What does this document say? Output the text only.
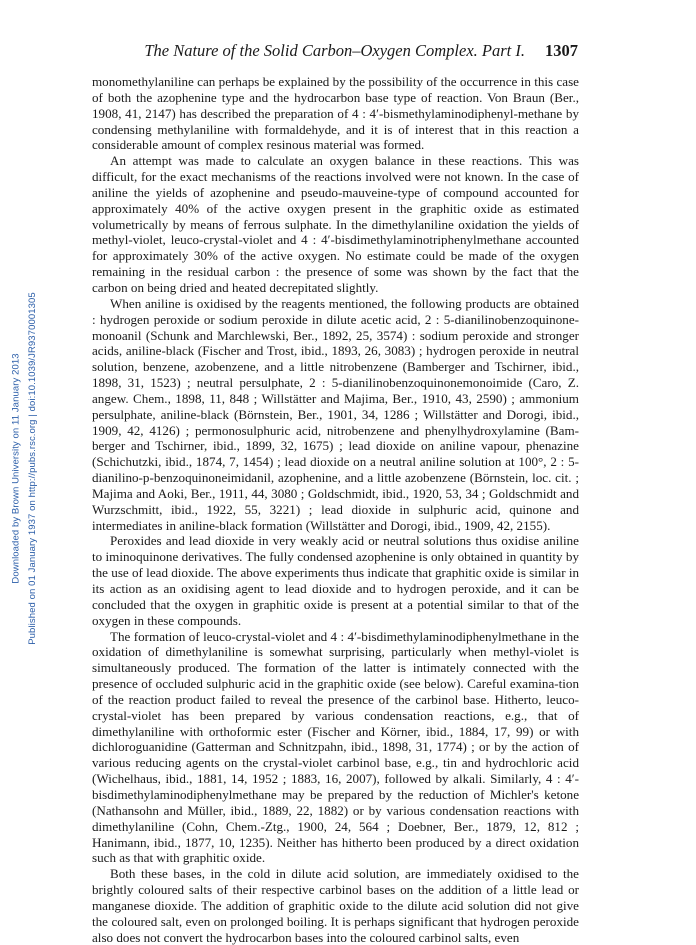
Downloaded by Brown University on 11 January 2013 Published on 01 January 1937 on http://pubs.rsc.org | doi:10.1039/JR9370001305
The Nature of the Solid Carbon–Oxygen Complex. Part I. 1307

monomethylaniline can perhaps be explained by the possibility of the occurrence in this case of both the azophenine type and the hydrocarbon base type of reaction. Von Braun (Ber., 1908, 41, 2147) has described the preparation of 4 : 4′-bismethylaminodiphenyl-methane by condensing methylaniline with formaldehyde, and it is of interest that in this reaction a considerable amount of complex resinous material was formed.

An attempt was made to calculate an oxygen balance in these reactions. This was difficult, for the exact mechanisms of the reactions involved were not known. In the case of aniline the yields of azophenine and pseudo-mauveine-type of compound accounted for approximately 40% of the active oxygen present in the graphitic oxide as estimated volumetrically by means of ferrous sulphate. In the dimethylaniline oxidation the yields of methyl-violet, leuco-crystal-violet and 4 : 4′-bisdimethylaminotriphenylmethane accounted for approximately 30% of the active oxygen. No estimate could be made of the oxygen remaining in the residual carbon : the presence of some was shown by the fact that the carbon on being dried and heated decrepitated slightly.

When aniline is oxidised by the reagents mentioned, the following products are obtained : hydrogen peroxide or sodium peroxide in dilute acetic acid, 2 : 5-dianilinobenzoquinone-monoanil (Schunk and Marchlewski, Ber., 1892, 25, 3574) : sodium peroxide and stronger acids, aniline-black (Fischer and Trost, ibid., 1893, 26, 3083) ; hydrogen peroxide in neutral solution, benzene, azobenzene, and a little nitrobenzene (Bamberger and Tschirner, ibid., 1898, 31, 1523) ; neutral persulphate, 2 : 5-dianilinobenzoquinonemonoimide (Caro, Z. angew. Chem., 1898, 11, 848 ; Willstätter and Majima, Ber., 1910, 43, 2590) ; ammonium persulphate, aniline-black (Börnstein, Ber., 1901, 34, 1286 ; Willstätter and Dorogi, ibid., 1909, 42, 4126) ; permonosulphuric acid, nitrobenzene and phenylhydroxylamine (Bam-berger and Tschirner, ibid., 1899, 32, 1675) ; lead dioxide on aniline vapour, phenazine (Schichutzki, ibid., 1874, 7, 1454) ; lead dioxide on a neutral aniline solution at 100°, 2 : 5-dianilino-p-benzoquinoneimidanil, azophenine, and a little azobenzene (Börnstein, loc. cit. ; Majima and Aoki, Ber., 1911, 44, 3080 ; Goldschmidt, ibid., 1920, 53, 34 ; Goldschmidt and Wurzschmitt, ibid., 1922, 55, 3221) ; lead dioxide in sulphuric acid, quinone and intermediates in aniline-black formation (Willstätter and Dorogi, ibid., 1909, 42, 2155).

Peroxides and lead dioxide in very weakly acid or neutral solutions thus oxidise aniline to iminoquinone derivatives. The fully condensed azophenine is only obtained in quantity by the use of lead dioxide. The above experiments thus indicate that graphitic oxide is similar in its action as an oxidising agent to lead dioxide and to hydrogen peroxide, and it can be concluded that the oxygen in graphitic oxide is present at a potential similar to that of the oxygen in these compounds.

The formation of leuco-crystal-violet and 4 : 4′-bisdimethylaminodiphenylmethane in the oxidation of dimethylaniline is somewhat surprising, particularly when methyl-violet is simultaneously produced. The formation of the latter is intimately connected with the presence of occluded sulphuric acid in the graphitic oxide (see below). Careful examina-tion of the reaction product failed to reveal the presence of the carbinol base. Hitherto, leuco-crystal-violet has been prepared by various condensation reactions, e.g., that of dimethylaniline with orthoformic ester (Fischer and Körner, ibid., 1884, 17, 99) or with dichloroguanidine (Gatterman and Schnitzpahn, ibid., 1898, 31, 1774) ; or by the action of various reducing agents on the crystal-violet carbinol base, e.g., tin and hydrochloric acid (Wichelhaus, ibid., 1881, 14, 1952 ; 1883, 16, 2007), followed by alkali. Similarly, 4 : 4′-bisdimethylaminodiphenylmethane may be prepared by the reduction of Michler's ketone (Nathansohn and Müller, ibid., 1889, 22, 1882) or by various condensation reactions with dimethylaniline (Cohn, Chem.-Ztg., 1900, 24, 564 ; Doebner, Ber., 1879, 12, 812 ; Hanimann, ibid., 1877, 10, 1235). Neither has hitherto been produced by a direct oxidation such as that with graphitic oxide.

Both these bases, in the cold in dilute acid solution, are immediately oxidised to the brightly coloured salts of their respective carbinol bases on the addition of a little lead or manganese dioxide. The addition of graphitic oxide to the dilute acid solution did not give the coloured salt, even on prolonged boiling. It is perhaps significant that hydrogen peroxide also does not convert the hydrocarbon bases into the coloured carbinol salts, even
